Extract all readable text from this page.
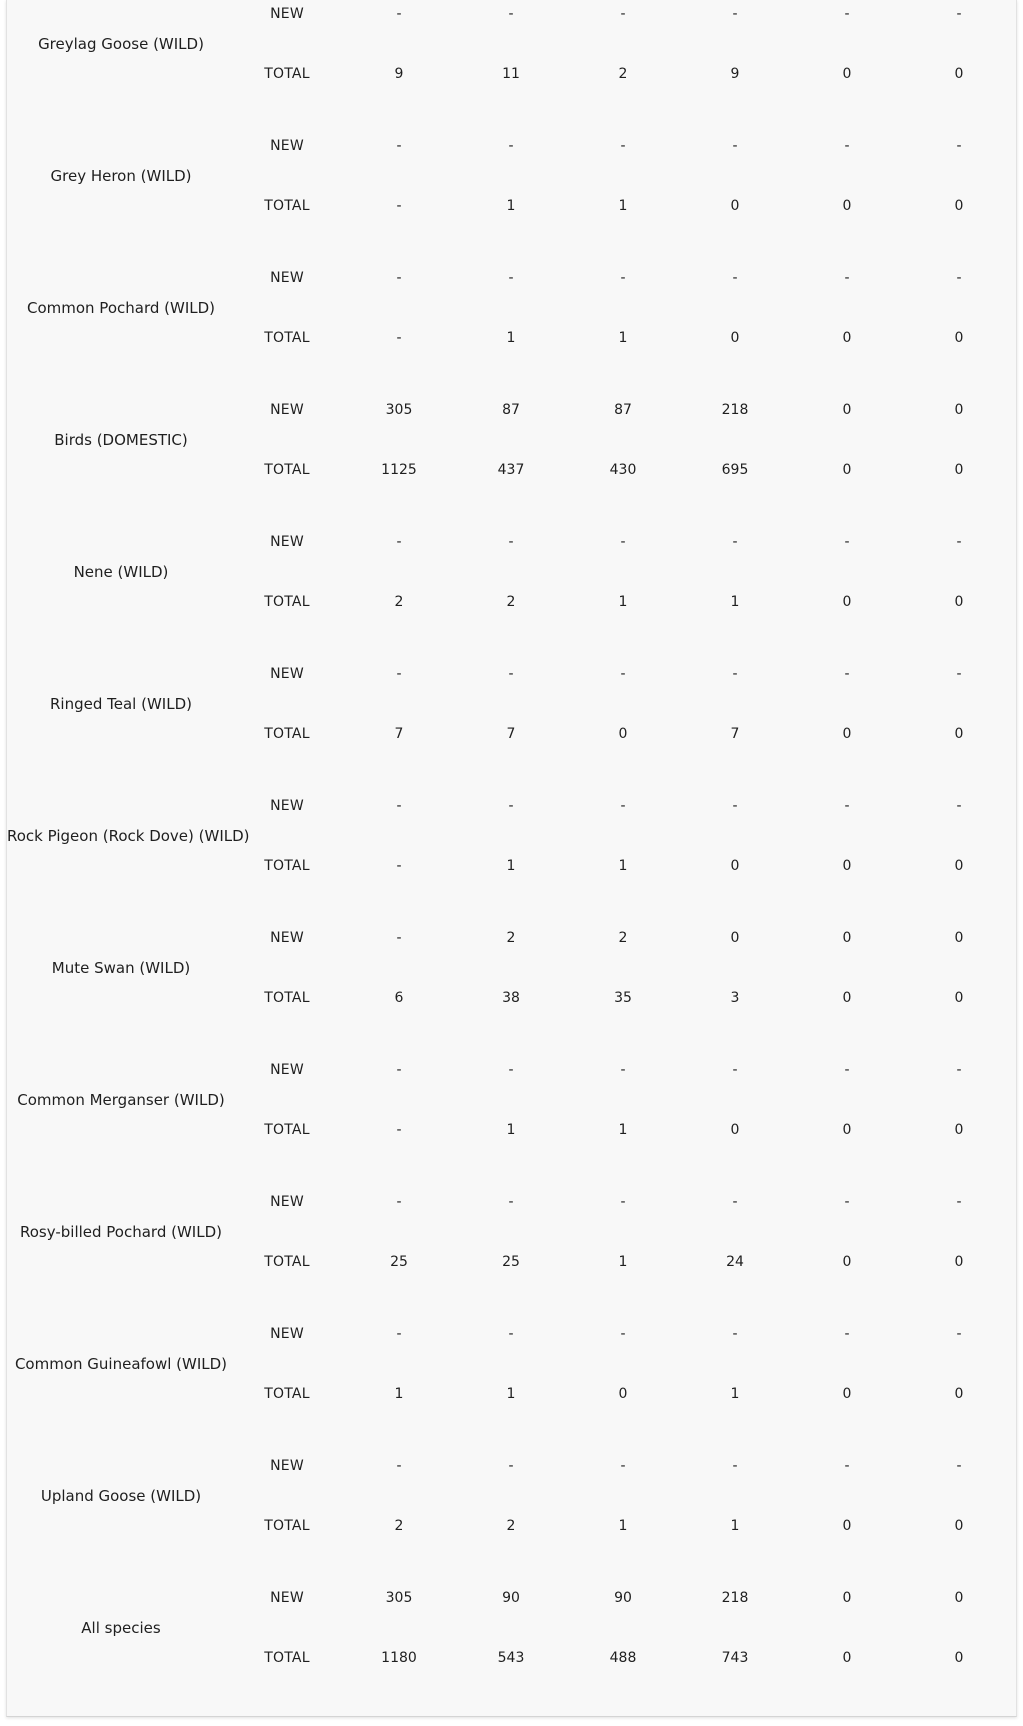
Greylag Goose (WILD)
NEW	-	-	-	-	-	-
TOTAL	9	11	2	9	0	0
Grey Heron (WILD)
NEW	-	-	-	-	-	-
TOTAL	-	1	1	0	0	0
Common Pochard (WILD)
NEW	-	-	-	-	-	-
TOTAL	-	1	1	0	0	0
Birds (DOMESTIC)
NEW	305	87	87	218	0	0
TOTAL	1125	437	430	695	0	0
Nene (WILD)
NEW	-	-	-	-	-	-
TOTAL	2	2	1	1	0	0
Ringed Teal (WILD)
NEW	-	-	-	-	-	-
TOTAL	7	7	0	7	0	0
Rock Pigeon (Rock Dove) (WILD)
NEW	-	-	-	-	-	-
TOTAL	-	1	1	0	0	0
Mute Swan (WILD)
NEW	-	2	2	0	0	0
TOTAL	6	38	35	3	0	0
Common Merganser (WILD)
NEW	-	-	-	-	-	-
TOTAL	-	1	1	0	0	0
Rosy-billed Pochard (WILD)
NEW	-	-	-	-	-	-
TOTAL	25	25	1	24	0	0
Common Guineafowl (WILD)
NEW	-	-	-	-	-	-
TOTAL	1	1	0	1	0	0
Upland Goose (WILD)
NEW	-	-	-	-	-	-
TOTAL	2	2	1	1	0	0
All species
NEW	305	90	90	218	0	0
TOTAL	1180	543	488	743	0	0
